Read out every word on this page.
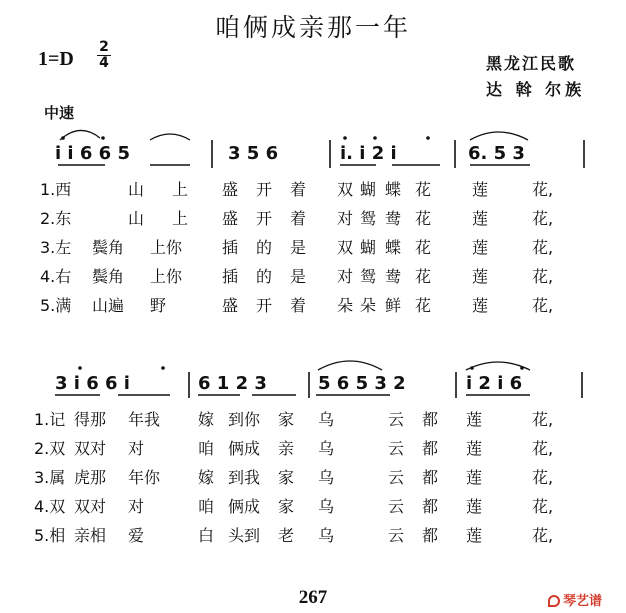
咱俩成亲那一年
1=D
2
4	黑龙江民歌
达 斡 尔族
中速
i i 6 6 5	3 5 6	i. i 2 i	6. 5 3
1.西	山 上 盛 开 着 双 蝴 蝶 花	莲	花,
2.东	山 上 盛 开 着 对 鸳 鸯 花	莲	花,
3.左 鬓角 上你 插 的 是 双 蝴 蝶 花	莲	花,
4.右 鬓角 上你 插 的 是 对 鸳 鸯 花	莲	花,
5.满 山遍 野	盛 开 着 朵 朵 鲜 花	莲	花,
3 i 6 6 i	6 1 2 3	5 6 5 3 2	i 2 i 6
1.记 得那 年我 嫁 到你 家 乌	云 都 莲	花,
2.双 双对 对	咱 俩成 亲 乌	云 都 莲	花,
3.属 虎那 年你 嫁 到我 家 乌	云 都 莲	花,
4.双 双对 对	咱 俩成 家 乌	云 都 莲	花,
5.相 亲相 爱	白 头到 老 乌	云 都 莲	花,
267	琴艺谱
